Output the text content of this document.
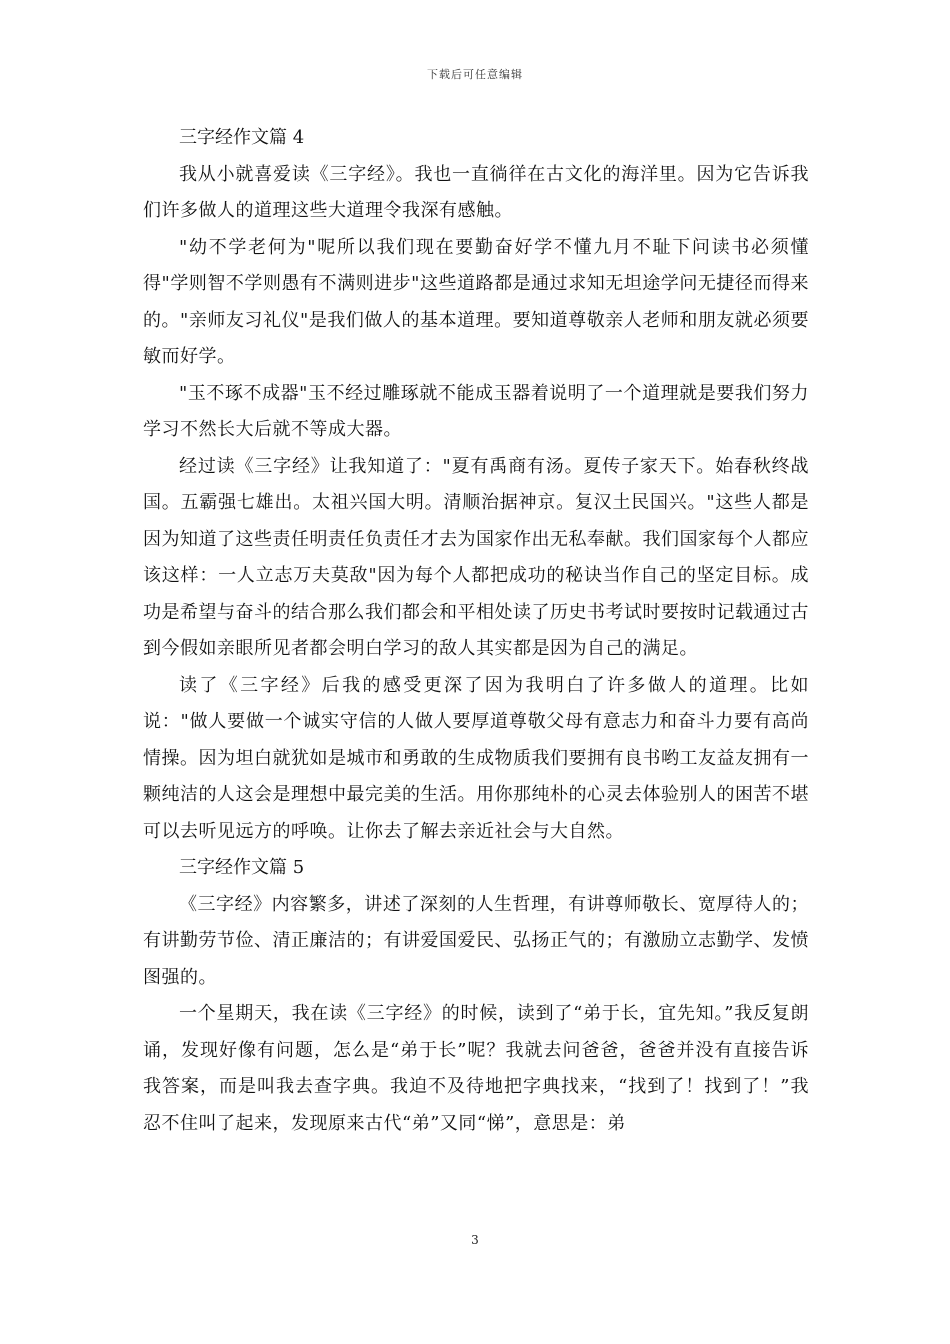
下载后可任意编辑

三字经作文篇 4

我从小就喜爱读《三字经》。我也一直徜徉在古文化的海洋里。因为它告诉我们许多做人的道理这些大道理令我深有感触。

"幼不学老何为"呢所以我们现在要勤奋好学不懂九月不耻下问读书必须懂得"学则智不学则愚有不满则进步"这些道路都是通过求知无坦途学问无捷径而得来的。"亲师友习礼仪"是我们做人的基本道理。要知道尊敬亲人老师和朋友就必须要敏而好学。

"玉不琢不成器"玉不经过雕琢就不能成玉器着说明了一个道理就是要我们努力学习不然长大后就不等成大器。

经过读《三字经》让我知道了："夏有禹商有汤。夏传子家天下。始春秋终战国。五霸强七雄出。太祖兴国大明。清顺治据神京。复汉土民国兴。"这些人都是因为知道了这些责任明责任负责任才去为国家作出无私奉献。我们国家每个人都应该这样：一人立志万夫莫敌"因为每个人都把成功的秘诀当作自己的坚定目标。成功是希望与奋斗的结合那么我们都会和平相处读了历史书考试时要按时记载通过古到今假如亲眼所见者都会明白学习的敌人其实都是因为自己的满足。

读了《三字经》后我的感受更深了因为我明白了许多做人的道理。比如说："做人要做一个诚实守信的人做人要厚道尊敬父母有意志力和奋斗力要有高尚情操。因为坦白就犹如是城市和勇敢的生成物质我们要拥有良书哟工友益友拥有一颗纯洁的人这会是理想中最完美的生活。用你那纯朴的心灵去体验别人的困苦不堪可以去听见远方的呼唤。让你去了解去亲近社会与大自然。

三字经作文篇 5

《三字经》内容繁多，讲述了深刻的人生哲理，有讲尊师敬长、宽厚待人的；有讲勤劳节俭、清正廉洁的；有讲爱国爱民、弘扬正气的；有激励立志勤学、发愤图强的。

一个星期天，我在读《三字经》的时候，读到了“弟于长，宜先知。”我反复朗诵，发现好像有问题，怎么是“弟于长”呢？我就去问爸爸，爸爸并没有直接告诉我答案，而是叫我去查字典。我迫不及待地把字典找来，“找到了！找到了！”我忍不住叫了起来，发现原来古代“弟”又同“悌”，意思是：弟

3
